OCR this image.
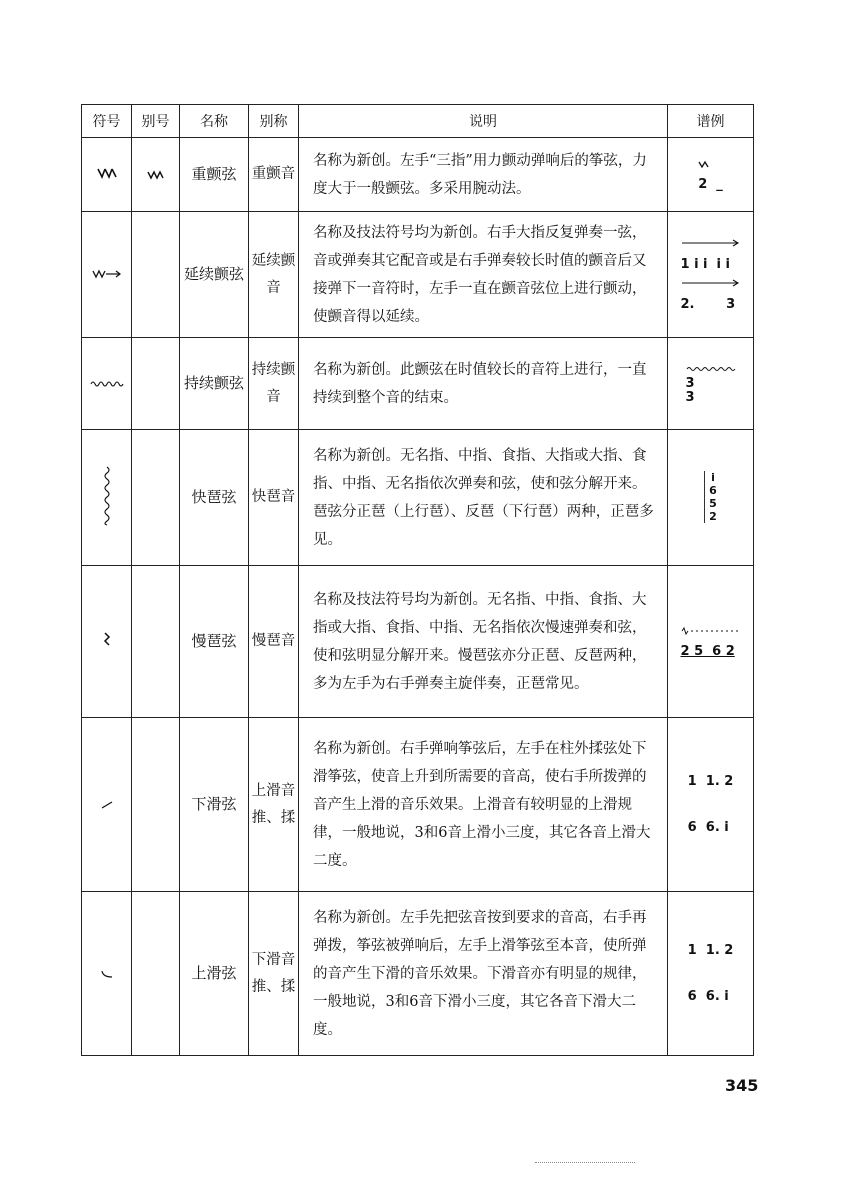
符号	别号	名称	别称	说明	谱例
		重颤弦	重颤音	名称为新创。左手“三指”用力颤动弹响后的筝弦，力度大于一般颤弦。多采用腕动法。	2  _

		延续颤弦	延续颤音	名称及技法符号均为新创。右手大指反复弹奏一弦，音或弹奏其它配音或是右手弹奏较长时值的颤音后又接弹下一音符时，左手一直在颤音弦位上进行颤动，使颤音得以延续。	1 i i  i i
2.       3

		持续颤弦	持续颤音	名称为新创。此颤弦在时值较长的音符上进行，一直持续到整个音的结束。	3
3

		快琶弦	快琶音	名称为新创。无名指、中指、食指、大指或大指、食指、中指、无名指依次弹奏和弦，使和弦分解开来。琶弦分正琶（上行琶）、反琶（下行琶）两种，正琶多见。	i
6
5
2

		慢琶弦	慢琶音	名称及技法符号均为新创。无名指、中指、食指、大指或大指、食指、中指、无名指依次慢速弹奏和弦，使和弦明显分解开来。慢琶弦亦分正琶、反琶两种，多为左手为右手弹奏主旋伴奏，正琶常见。	2 5  6 2

		下滑弦	上滑音推、揉	名称为新创。右手弹响筝弦后，左手在柱外揉弦处下滑筝弦，使音上升到所需要的音高，使右手所拨弹的音产生上滑的音乐效果。上滑音有较明显的上滑规律，一般地说，3和6音上滑小三度，其它各音上滑大二度。	1  1. 2
6  6. i

		上滑弦	下滑音推、揉	名称为新创。左手先把弦音按到要求的音高，右手再弹拨，筝弦被弹响后，左手上滑筝弦至本音，使所弹的音产生下滑的音乐效果。下滑音亦有明显的规律，一般地说，3和6音下滑小三度，其它各音下滑大二度。	1  1. 2
6  6. i
345
